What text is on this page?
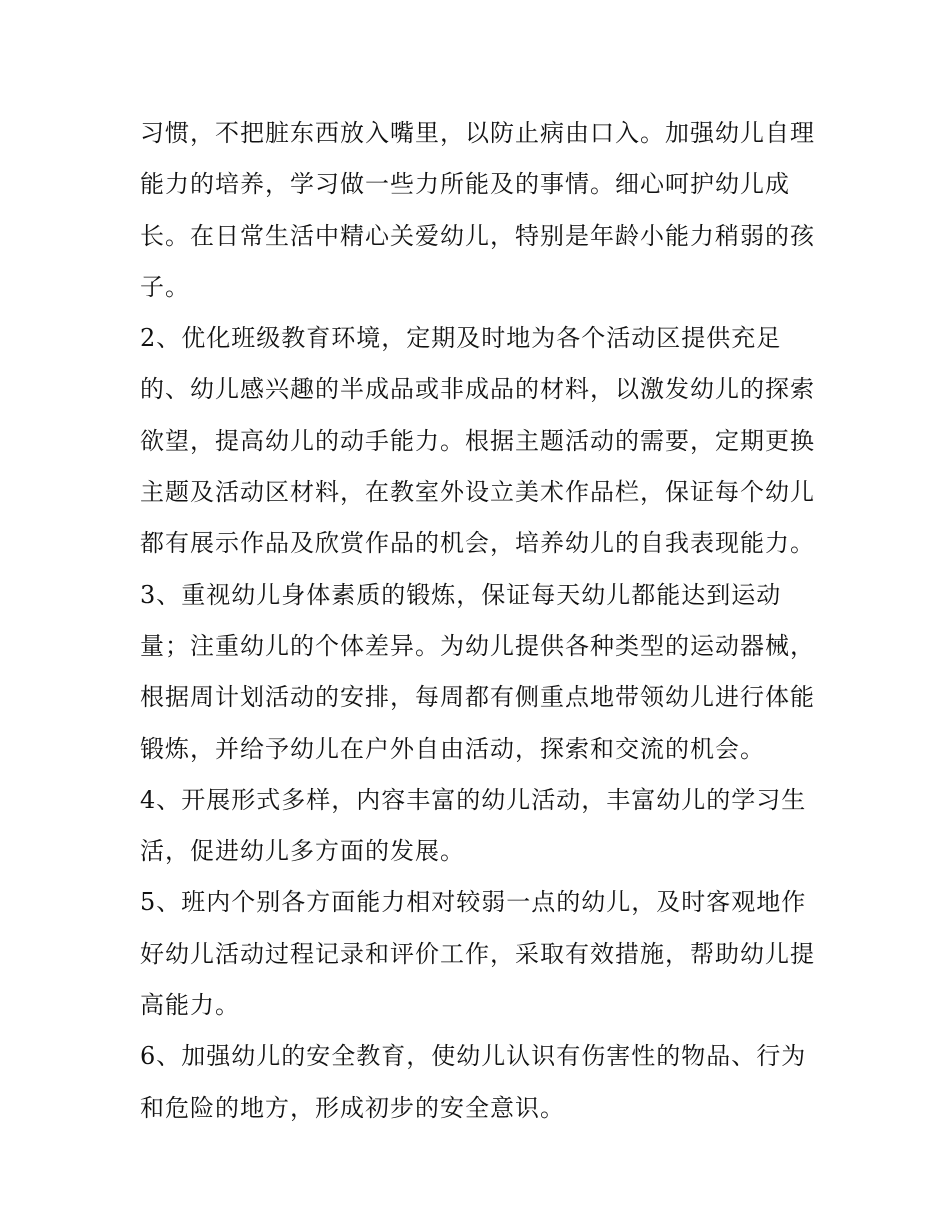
习惯，不把脏东西放入嘴里，以防止病由口入。加强幼儿自理
能力的培养，学习做一些力所能及的事情。细心呵护幼儿成
长。在日常生活中精心关爱幼儿，特别是年龄小能力稍弱的孩
子。
2、优化班级教育环境，定期及时地为各个活动区提供充足
的、幼儿感兴趣的半成品或非成品的材料，以激发幼儿的探索
欲望，提高幼儿的动手能力。根据主题活动的需要，定期更换
主题及活动区材料，在教室外设立美术作品栏，保证每个幼儿
都有展示作品及欣赏作品的机会，培养幼儿的自我表现能力。
3、重视幼儿身体素质的锻炼，保证每天幼儿都能达到运动
量；注重幼儿的个体差异。为幼儿提供各种类型的运动器械，
根据周计划活动的安排，每周都有侧重点地带领幼儿进行体能
锻炼，并给予幼儿在户外自由活动，探索和交流的机会。
4、开展形式多样，内容丰富的幼儿活动，丰富幼儿的学习生
活，促进幼儿多方面的发展。
5、班内个别各方面能力相对较弱一点的幼儿，及时客观地作
好幼儿活动过程记录和评价工作，采取有效措施，帮助幼儿提
高能力。
6、加强幼儿的安全教育，使幼儿认识有伤害性的物品、行为
和危险的地方，形成初步的安全意识。
